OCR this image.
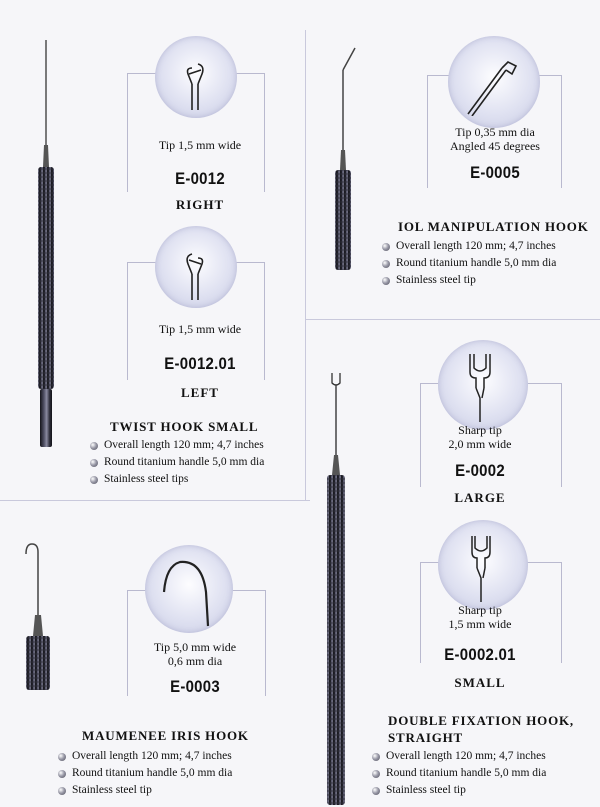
Tip 1,5 mm wide
E-0012
RIGHT
Tip 1,5 mm wide
E-0012.01
LEFT
TWIST HOOK SMALL
Overall length 120 mm; 4,7 inches
Round titanium handle 5,0 mm dia
Stainless steel tips
Tip 0,35 mm dia
Angled 45 degrees
E-0005
IOL MANIPULATION HOOK
Overall length 120 mm; 4,7 inches
Round titanium handle 5,0 mm dia
Stainless steel tip
Sharp tip
2,0 mm wide
E-0002
LARGE
Sharp tip
1,5 mm wide
E-0002.01
SMALL
DOUBLE FIXATION HOOK,
STRAIGHT
Overall length 120 mm; 4,7 inches
Round titanium handle 5,0 mm dia
Stainless steel tip
Tip 5,0 mm wide
0,6 mm dia
E-0003
MAUMENEE IRIS HOOK
Overall length 120 mm; 4,7 inches
Round titanium handle 5,0 mm dia
Stainless steel tip
